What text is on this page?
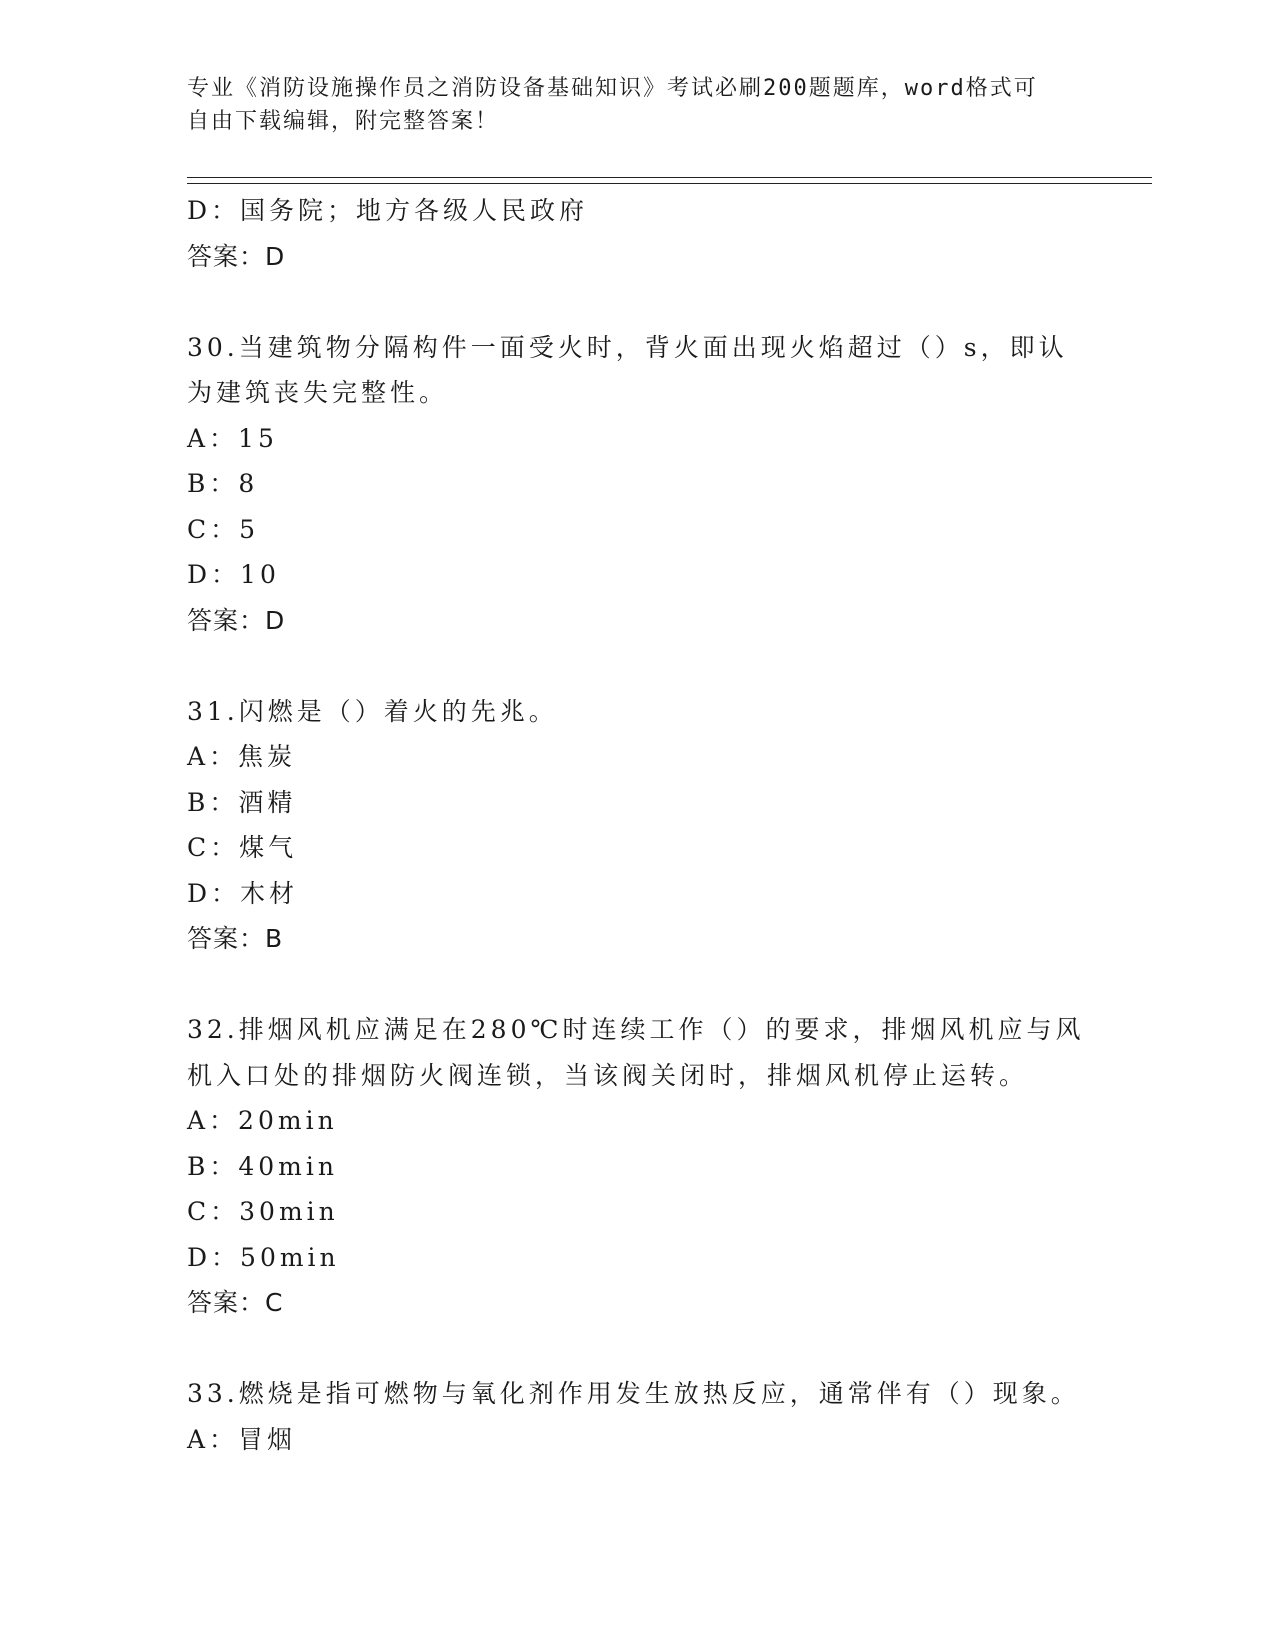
专业《消防设施操作员之消防设备基础知识》考试必刷200题题库，word格式可
自由下载编辑，附完整答案！
D：国务院；地方各级人民政府
答案：D
30.当建筑物分隔构件一面受火时，背火面出现火焰超过（）s，即认
为建筑丧失完整性。
A：15
B：8
C：5
D：10
答案：D
31.闪燃是（）着火的先兆。
A：焦炭
B：酒精
C：煤气
D：木材
答案：B
32.排烟风机应满足在280℃时连续工作（）的要求，排烟风机应与风
机入口处的排烟防火阀连锁，当该阀关闭时，排烟风机停止运转。
A：20min
B：40min
C：30min
D：50min
答案：C
33.燃烧是指可燃物与氧化剂作用发生放热反应，通常伴有（）现象。
A：冒烟
